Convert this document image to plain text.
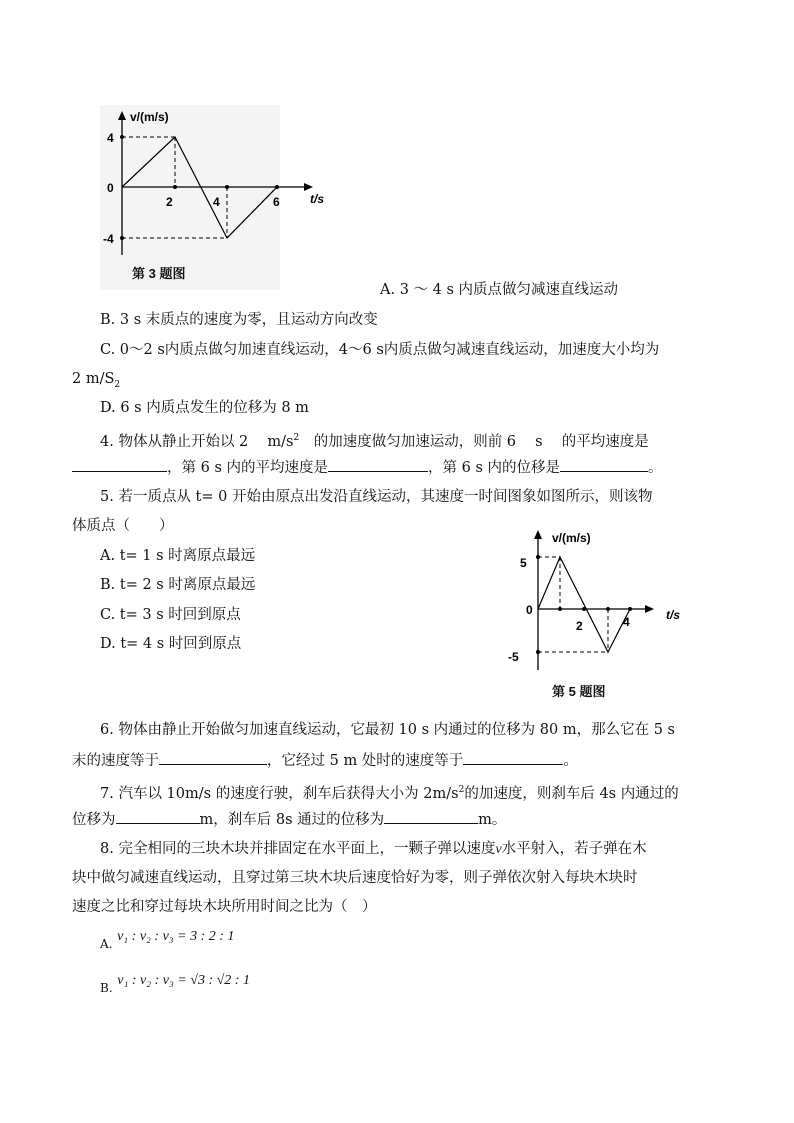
v/(m/s)
t/s
4
0
-4
2	4	6
第 3 题图
A. 3 ～ 4 s 内质点做匀减速直线运动
B. 3 s 末质点的速度为零，且运动方向改变
C. 0～2 s内质点做匀加速直线运动，4～6 s内质点做匀减速直线运动，加速度大小均为
2 $m/S_2$
D. 6 s 内质点发生的位移为 8 m
4. 物体从静止开始以 2　 $m/s^2$　的加速度做匀加速运动，则前 6　 s　 的平均速度是
，第 6 s 内的平均速度是	，第 6 s 内的位移是	。
5. 若一质点从 t= 0 开始由原点出发沿直线运动，其速度一时间图象如图所示，则该物
体质点（　　）
A. t= 1 s 时离原点最远
B. t= 2 s 时离原点最远
C. t= 3 s 时回到原点
D. t= 4 s 时回到原点
v/(m/s)
t/s
5
0
-5
2	4
第 5 题图
6. 物体由静止开始做匀加速直线运动，它最初 10 s 内通过的位移为 80 m，那么它在 5 s
末的速度等于	，它经过 5 m 处时的速度等于	。
7. 汽车以 10m/s 的速度行驶，刹车后获得大小为 $2m/s^2$的加速度，则刹车后 4s 内通过的
位移为	m，刹车后 8s 通过的位移为	m。
8. 完全相同的三块木块并排固定在水平面上，一颗子弹以速度v水平射入，若子弹在木
块中做匀减速直线运动，且穿过第三块木块后速度恰好为零，则子弹依次射入每块木块时
速度之比和穿过每块木块所用时间之比为（　）
A. v₁ : v₂ : v₃ = 3 : 2 : 1
B. v₁ : v₂ : v₃ = √3 : √2 : 1
